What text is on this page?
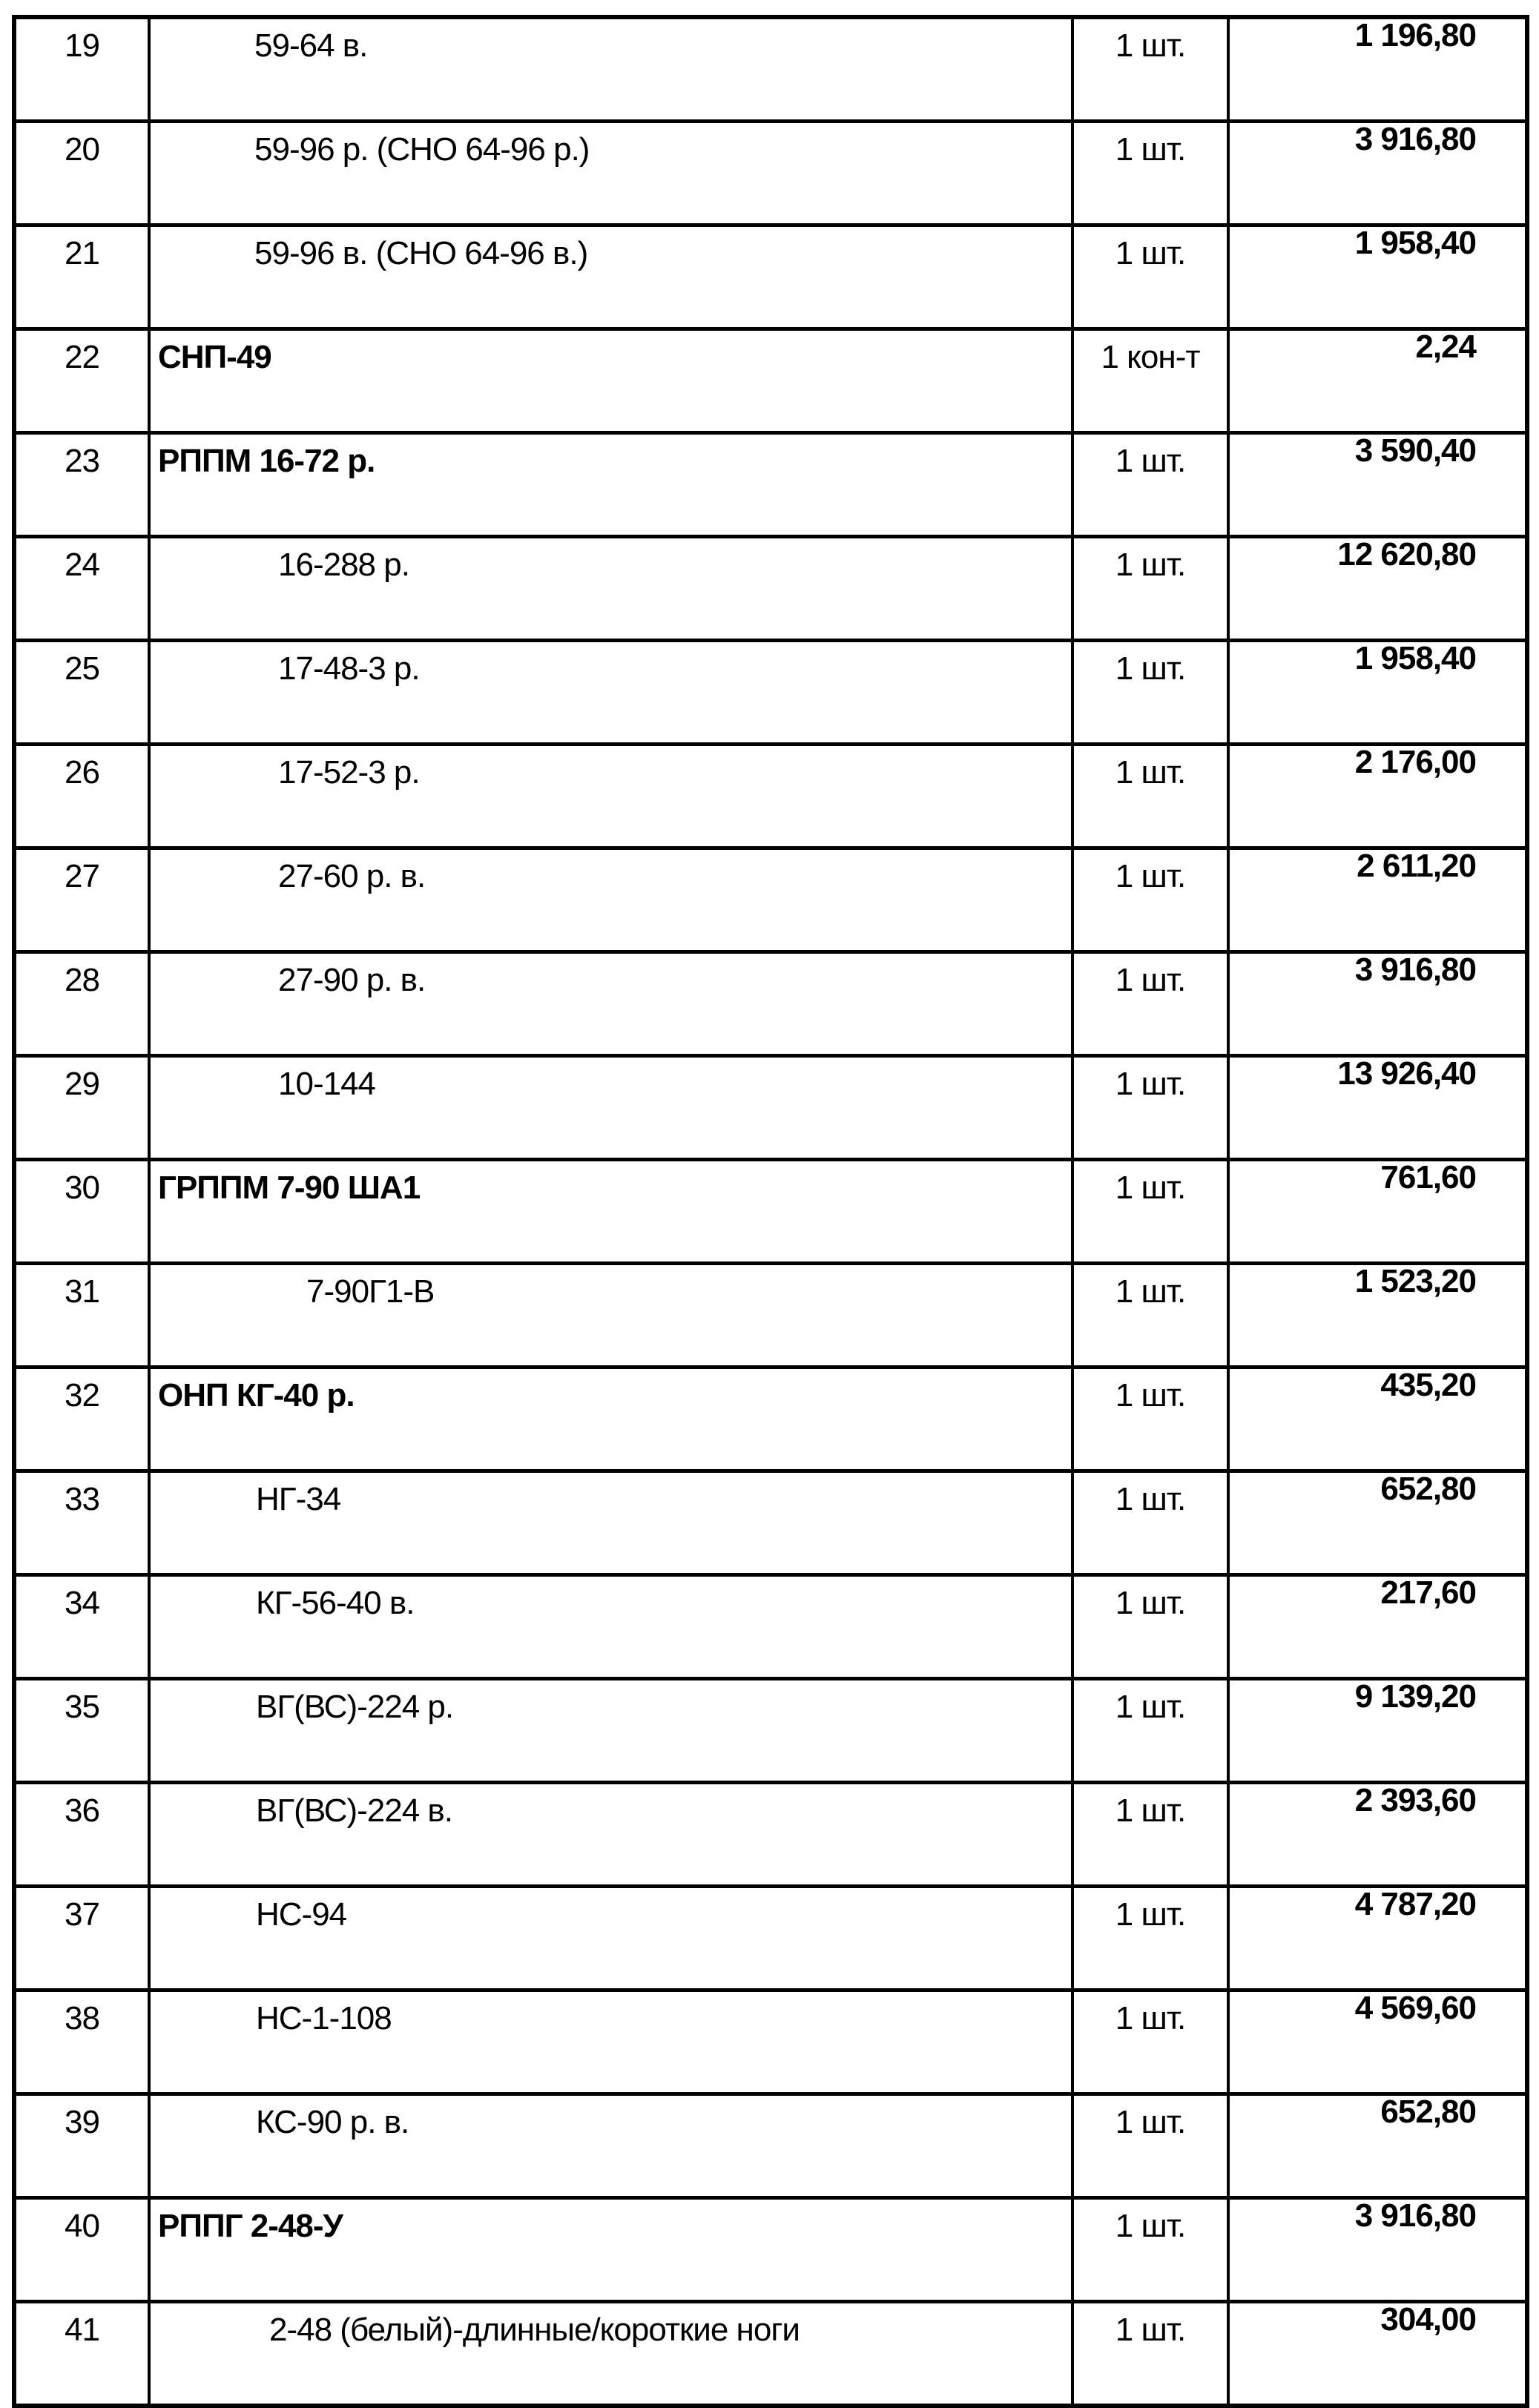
19	59-64 в.	1 шт.	1 196,80
20	59-96 р. (СНО 64-96 р.)	1 шт.	3 916,80
21	59-96 в. (СНО 64-96 в.)	1 шт.	1 958,40
22	СНП-49	1 кон-т	2,24
23	РППМ 16-72 р.	1 шт.	3 590,40
24	16-288 р.	1 шт.	12 620,80
25	17-48-3 р.	1 шт.	1 958,40
26	17-52-3 р.	1 шт.	2 176,00
27	27-60 р. в.	1 шт.	2 611,20
28	27-90 р. в.	1 шт.	3 916,80
29	10-144	1 шт.	13 926,40
30	ГРППМ 7-90 ША1	1 шт.	761,60
31	7-90Г1-В	1 шт.	1 523,20
32	ОНП КГ-40 р.	1 шт.	435,20
33	НГ-34	1 шт.	652,80
34	КГ-56-40 в.	1 шт.	217,60
35	ВГ(ВС)-224 р.	1 шт.	9 139,20
36	ВГ(ВС)-224 в.	1 шт.	2 393,60
37	НС-94	1 шт.	4 787,20
38	НС-1-108	1 шт.	4 569,60
39	КС-90 р. в.	1 шт.	652,80
40	РППГ 2-48-У	1 шт.	3 916,80
41	2-48 (белый)-длинные/короткие ноги	1 шт.	304,00
